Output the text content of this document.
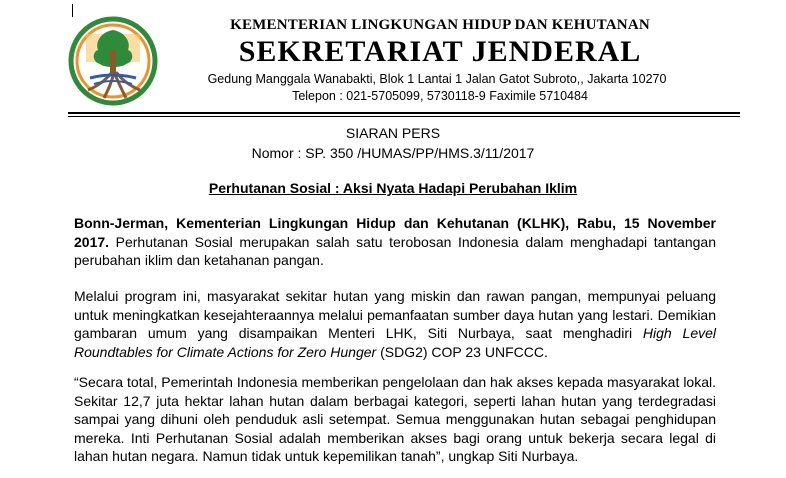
KEMENTERIAN LINGKUNGAN HIDUP DAN KEHUTANAN
SEKRETARIAT JENDERAL
Gedung Manggala Wanabakti, Blok 1 Lantai 1 Jalan Gatot Subroto,, Jakarta 10270
Telepon : 021-5705099, 5730118-9 Faximile 5710484
SIARAN PERS
Nomor : SP. 350 /HUMAS/PP/HMS.3/11/2017
Perhutanan Sosial : Aksi Nyata Hadapi Perubahan Iklim
Bonn-Jerman, Kementerian Lingkungan Hidup dan Kehutanan (KLHK), Rabu, 15 November 2017. Perhutanan Sosial merupakan salah satu terobosan Indonesia dalam menghadapi tantangan perubahan iklim dan ketahanan pangan.
Melalui program ini, masyarakat sekitar hutan yang miskin dan rawan pangan, mempunyai peluang untuk meningkatkan kesejahteraannya melalui pemanfaatan sumber daya hutan yang lestari. Demikian gambaran umum yang disampaikan Menteri LHK, Siti Nurbaya, saat menghadiri High Level Roundtables for Climate Actions for Zero Hunger (SDG2) COP 23 UNFCCC.
“Secara total, Pemerintah Indonesia memberikan pengelolaan dan hak akses kepada masyarakat lokal. Sekitar 12,7 juta hektar lahan hutan dalam berbagai kategori, seperti lahan hutan yang terdegradasi sampai yang dihuni oleh penduduk asli setempat. Semua menggunakan hutan sebagai penghidupan mereka. Inti Perhutanan Sosial adalah memberikan akses bagi orang untuk bekerja secara legal di lahan hutan negara. Namun tidak untuk kepemilikan tanah”, ungkap Siti Nurbaya.
